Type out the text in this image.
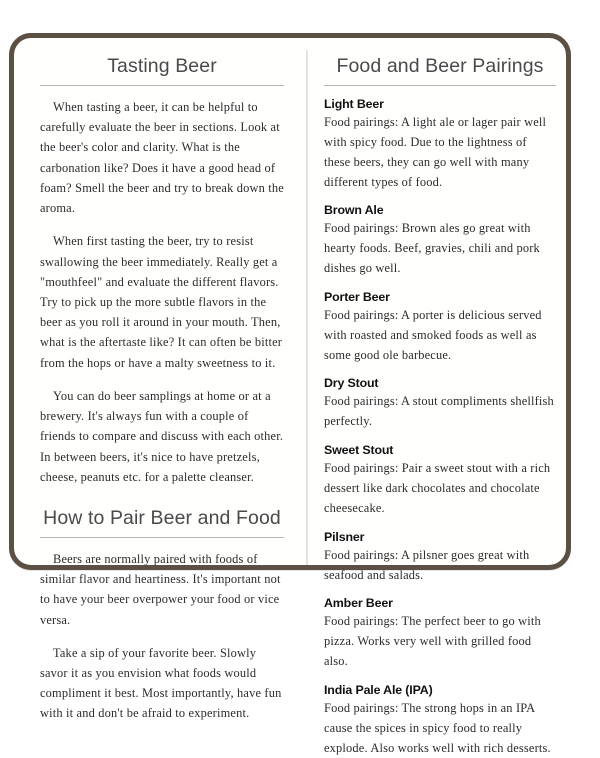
Tasting Beer

When tasting a beer, it can be helpful to carefully evaluate the beer in sections. Look at the beer's color and clarity. What is the carbonation like? Does it have a good head of foam? Smell the beer and try to break down the aroma.

When first tasting the beer, try to resist swallowing the beer immediately. Really get a "mouthfeel" and evaluate the different flavors. Try to pick up the more subtle flavors in the beer as you roll it around in your mouth. Then, what is the aftertaste like? It can often be bitter from the hops or have a malty sweetness to it.

You can do beer samplings at home or at a brewery. It's always fun with a couple of friends to compare and discuss with each other. In between beers, it's nice to have pretzels, cheese, peanuts etc. for a palette cleanser.

How to Pair Beer and Food

Beers are normally paired with foods of similar flavor and heartiness. It's important not to have your beer overpower your food or vice versa.

Take a sip of your favorite beer. Slowly savor it as you envision what foods would compliment it best. Most importantly, have fun with it and don't be afraid to experiment.

Food and Beer Pairings
Light Beer

Food pairings: A light ale or lager pair well with spicy food. Due to the lightness of these beers, they can go well with many different types of food.

Brown Ale

Food pairings: Brown ales go great with hearty foods. Beef, gravies, chili and pork dishes go well.

Porter Beer

Food pairings: A porter is delicious served with roasted and smoked foods as well as some good ole barbecue.

Dry Stout

Food pairings: A stout compliments shellfish perfectly.

Sweet Stout

Food pairings: Pair a sweet stout with a rich dessert like dark chocolates and chocolate cheesecake.

Pilsner

Food pairings: A pilsner goes great with seafood and salads.

Amber Beer

Food pairings: The perfect beer to go with pizza. Works very well with grilled food also.

India Pale Ale (IPA)

Food pairings: The strong hops in an IPA cause the spices in spicy food to really explode. Also works well with rich desserts.
